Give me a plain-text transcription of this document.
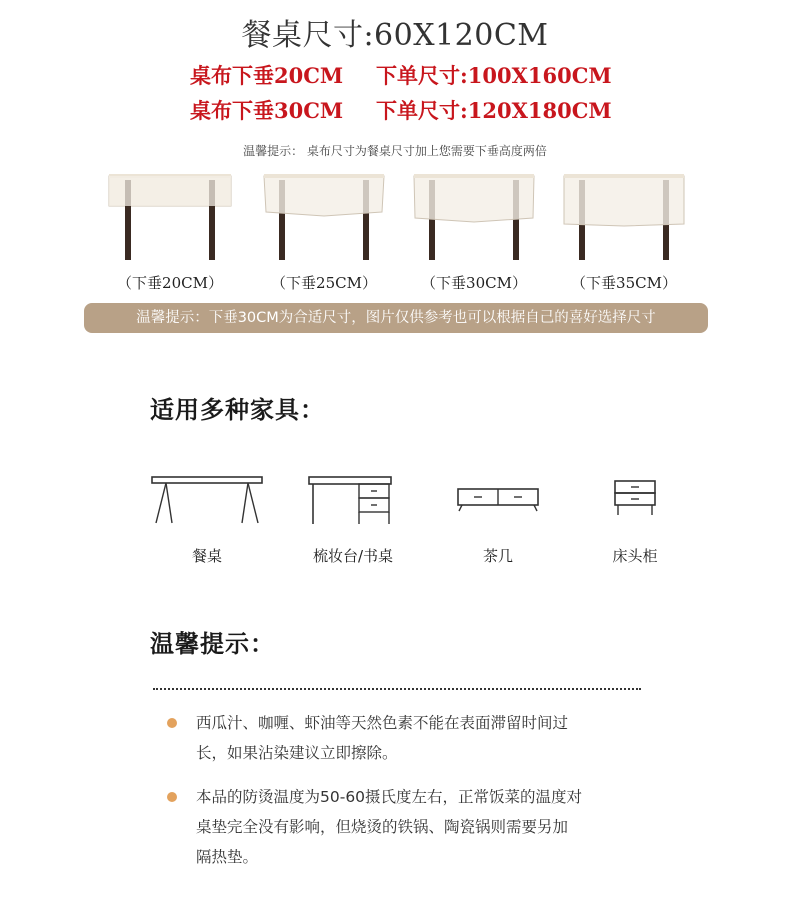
餐桌尺寸:60X120CM
桌布下垂20CM 下单尺寸:100X160CM
桌布下垂30CM 下单尺寸:120X180CM
温馨提示： 桌布尺寸为餐桌尺寸加上您需要下垂高度两倍
（下垂20CM）	（下垂25CM）	（下垂30CM）	（下垂35CM）
温馨提示：下垂30CM为合适尺寸，图片仅供参考也可以根据自己的喜好选择尺寸
适用多种家具：
餐桌	梳妆台/书桌	茶几	床头柜
温馨提示：
西瓜汁、咖喱、虾油等天然色素不能在表面滞留时间过
长，如果沾染建议立即擦除。
本品的防烫温度为50-60摄氏度左右，正常饭菜的温度对
桌垫完全没有影响，但烧烫的铁锅、陶瓷锅则需要另加
隔热垫。
